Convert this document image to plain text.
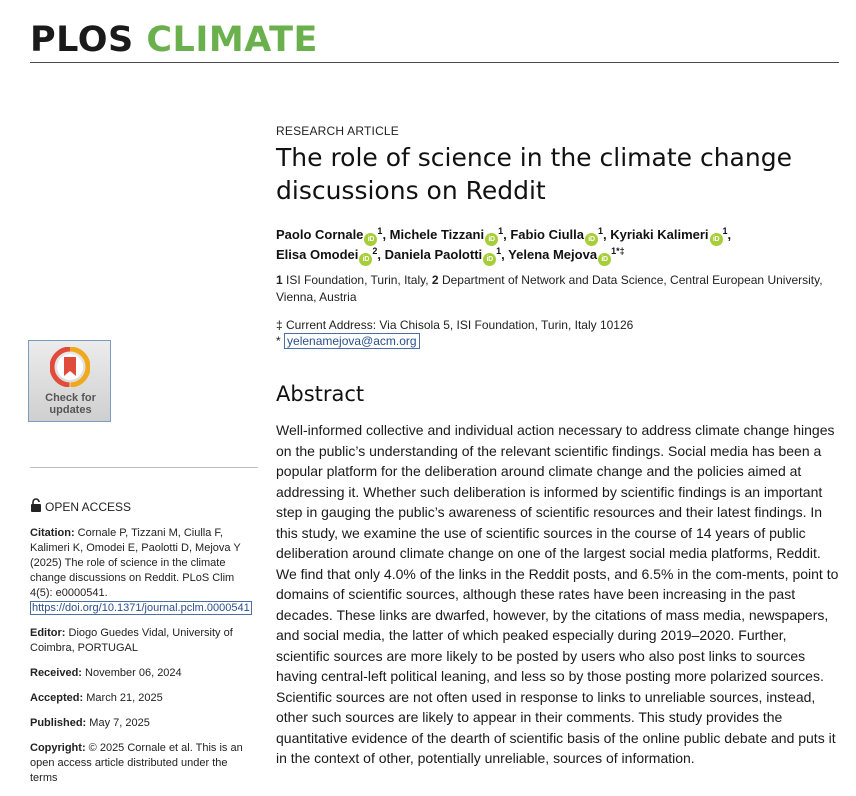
PLOS CLIMATE
RESEARCH ARTICLE
The role of science in the climate change discussions on Reddit
Paolo Cornale $iD^1$, Michele Tizzani $iD^1$, Fabio Ciulla $iD^1$, Kyriaki Kalimeri $iD^1$,
Elisa Omodei $iD^2$, Daniela Paolotti $iD^1$, Yelena Mejova $iD^{1*\ddagger}$
1 ISI Foundation, Turin, Italy, 2 Department of Network and Data Science, Central European University, Vienna, Austria
‡ Current Address: Via Chisola 5, ISI Foundation, Turin, Italy 10126
* yelenamejova@acm.org
Abstract

Well-informed collective and individual action necessary to address climate change hinges on the public’s understanding of the relevant scientific findings. Social media has been a popular platform for the deliberation around climate change and the policies aimed at addressing it. Whether such deliberation is informed by scientific findings is an important step in gauging the public’s awareness of scientific resources and their latest findings. In this study, we examine the use of scientific sources in the course of 14 years of public deliberation around climate change on one of the largest social media platforms, Reddit. We find that only 4.0% of the links in the Reddit posts, and 6.5% in the com-ments, point to domains of scientific sources, although these rates have been increasing in the past decades. These links are dwarfed, however, by the citations of mass media, newspapers, and social media, the latter of which peaked especially during 2019–2020. Further, scientific sources are more likely to be posted by users who also post links to sources having central-left political leaning, and less so by those posting more polarized sources. Scientific sources are not often used in response to links to unreliable sources, instead, other such sources are likely to appear in their comments. This study provides the quantitative evidence of the dearth of scientific basis of the online public debate and puts it in the context of other, potentially unreliable, sources of information.

Check for
updates
OPEN ACCESS

Citation: Cornale P, Tizzani M, Ciulla F, Kalimeri K, Omodei E, Paolotti D, Mejova Y (2025) The role of science in the climate change discussions on Reddit. PLoS Clim 4(5): e0000541.
https://doi.org/10.1371/journal.pclm.0000541

Editor: Diogo Guedes Vidal, University of Coimbra, PORTUGAL

Received: November 06, 2024

Accepted: March 21, 2025

Published: May 7, 2025

Copyright: © 2025 Cornale et al. This is an open access article distributed under the terms
